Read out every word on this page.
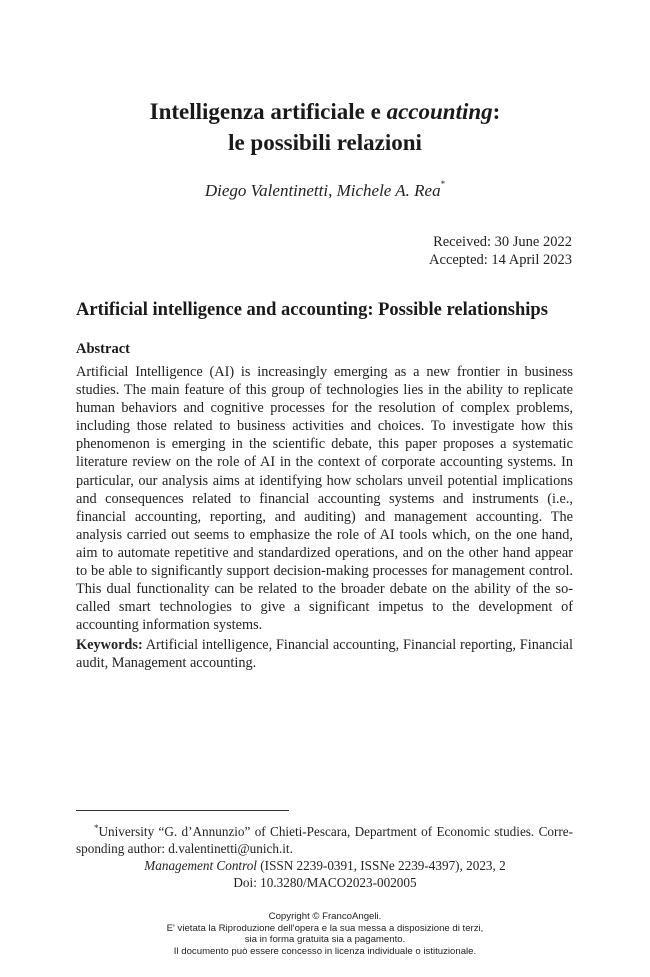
Intelligenza artificiale e accounting:
le possibili relazioni
Diego Valentinetti, Michele A. Rea*
Received: 30 June 2022
Accepted: 14 April 2023
Artificial intelligence and accounting: Possible relationships
Abstract
Artificial Intelligence (AI) is increasingly emerging as a new frontier in business studies. The main feature of this group of technologies lies in the ability to replicate human behaviors and cognitive processes for the resolution of complex problems, including those related to business activities and choices. To investigate how this phenomenon is emerging in the scientific debate, this paper proposes a systematic literature review on the role of AI in the context of corporate accounting systems. In particular, our analysis aims at identifying how scholars unveil potential implications and consequences related to financial accounting systems and instruments (i.e., financial accounting, reporting, and auditing) and management accounting. The analysis carried out seems to emphasize the role of AI tools which, on the one hand, aim to automate repetitive and standardized operations, and on the other hand appear to be able to significantly support decision-making processes for management control. This dual functionality can be related to the broader debate on the ability of the so-called smart technologies to give a significant impetus to the development of accounting information systems.
Keywords: Artificial intelligence, Financial accounting, Financial reporting, Financial audit, Management accounting.
*University “G. d’Annunzio” of Chieti-Pescara, Department of Economic studies. Corresponding author: d.valentinetti@unich.it.
Management Control (ISSN 2239-0391, ISSNe 2239-4397), 2023, 2
Doi: 10.3280/MACO2023-002005
Copyright © FrancoAngeli.
E' vietata la Riproduzione dell'opera e la sua messa a disposizione di terzi,
sia in forma gratuita sia a pagamento.
Il documento può essere concesso in licenza individuale o istituzionale.
